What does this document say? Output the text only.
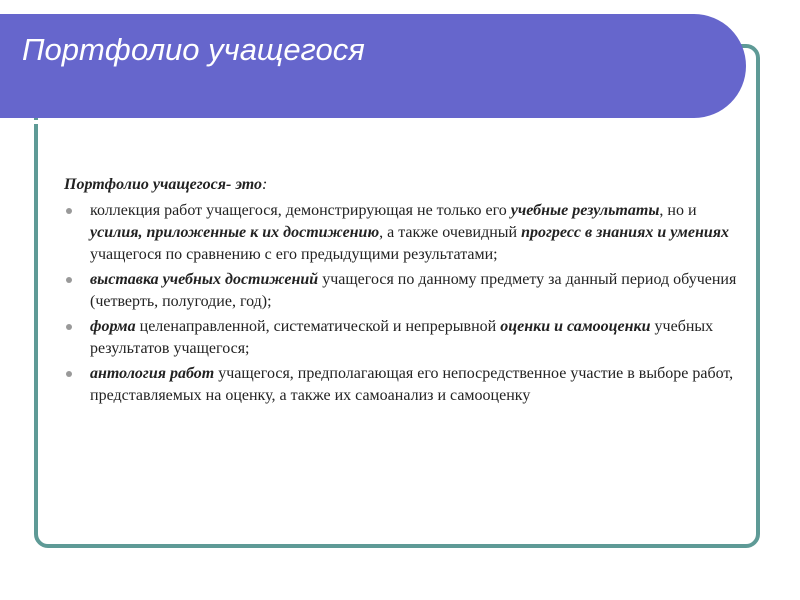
Портфолио учащегося

Портфолио учащегося- это:

коллекция работ учащегося, демонстрирующая не только его учебные результаты, но и усилия, приложенные к их достижению, а также очевидный прогресс в знаниях и умениях учащегося по сравнению с его предыдущими результатами;
выставка учебных достижений учащегося по данному предмету за данный период обучения (четверть, полугодие, год);
форма целенаправленной, систематической и непрерывной оценки и самооценки учебных результатов учащегося;
антология работ учащегося, предполагающая его непосредственное участие в выборе работ, представляемых на оценку, а также их самоанализ и самооценку
